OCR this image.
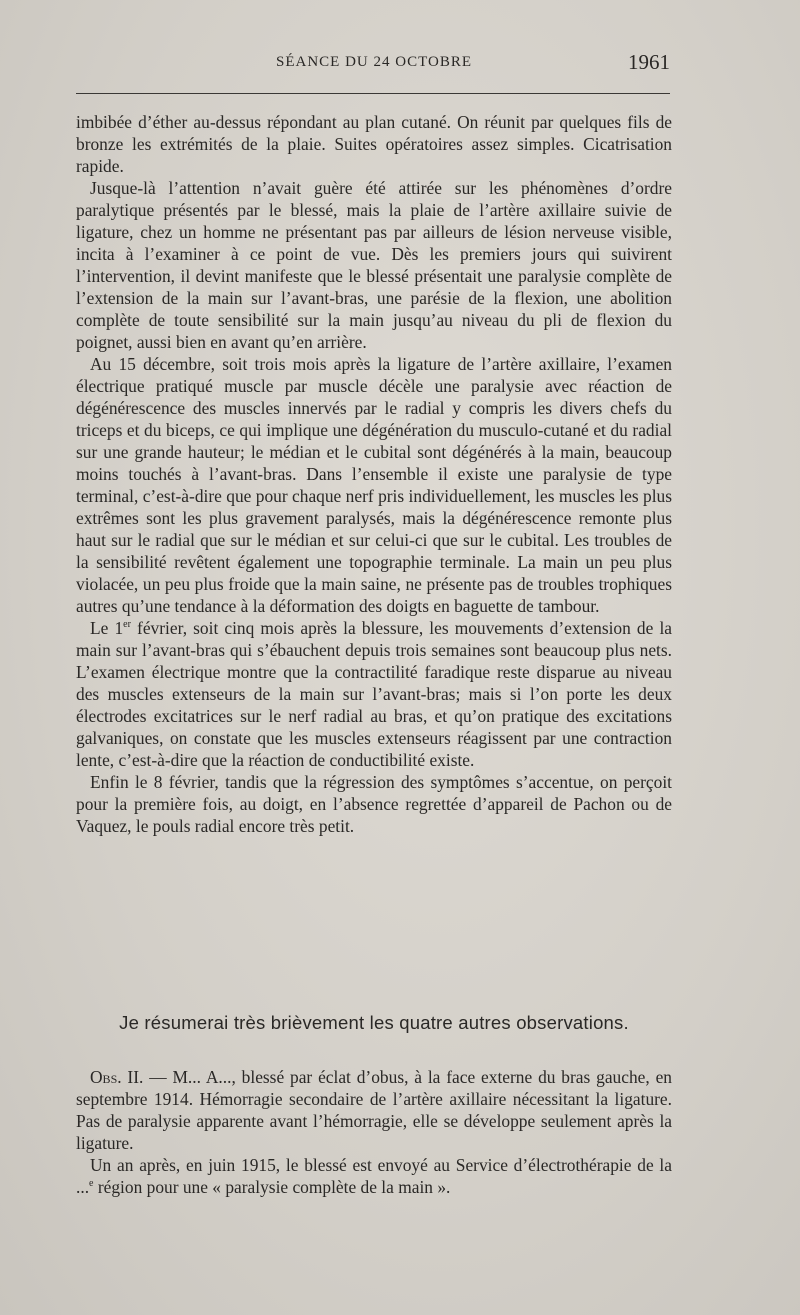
SÉANCE DU 24 OCTOBRE	1961

imbibée d’éther au-dessus répondant au plan cutané. On réunit par quelques fils de bronze les extrémités de la plaie. Suites opératoires assez simples. Cicatrisation rapide.

Jusque-là l’attention n’avait guère été attirée sur les phénomènes d’ordre paralytique présentés par le blessé, mais la plaie de l’artère axillaire suivie de ligature, chez un homme ne présentant pas par ailleurs de lésion nerveuse visible, incita à l’examiner à ce point de vue. Dès les premiers jours qui suivirent l’intervention, il devint manifeste que le blessé présentait une paralysie complète de l’extension de la main sur l’avant-bras, une parésie de la flexion, une abolition complète de toute sensibilité sur la main jusqu’au niveau du pli de flexion du poignet, aussi bien en avant qu’en arrière.

Au 15 décembre, soit trois mois après la ligature de l’artère axillaire, l’examen électrique pratiqué muscle par muscle décèle une paralysie avec réaction de dégénérescence des muscles innervés par le radial y compris les divers chefs du triceps et du biceps, ce qui implique une dégénération du musculo-cutané et du radial sur une grande hauteur; le médian et le cubital sont dégénérés à la main, beaucoup moins touchés à l’avant-bras. Dans l’ensemble il existe une paralysie de type terminal, c’est-à-dire que pour chaque nerf pris individuellement, les muscles les plus extrêmes sont les plus gravement paralysés, mais la dégénérescence remonte plus haut sur le radial que sur le médian et sur celui-ci que sur le cubital. Les troubles de la sensibilité revêtent également une topographie terminale. La main un peu plus violacée, un peu plus froide que la main saine, ne présente pas de troubles trophiques autres qu’une tendance à la déformation des doigts en baguette de tambour.

Le 1er février, soit cinq mois après la blessure, les mouvements d’extension de la main sur l’avant-bras qui s’ébauchent depuis trois semaines sont beaucoup plus nets. L’examen électrique montre que la contractilité faradique reste disparue au niveau des muscles extenseurs de la main sur l’avant-bras; mais si l’on porte les deux électrodes excitatrices sur le nerf radial au bras, et qu’on pratique des excitations galvaniques, on constate que les muscles extenseurs réagissent par une contraction lente, c’est-à-dire que la réaction de conductibilité existe.

Enfin le 8 février, tandis que la régression des symptômes s’accentue, on perçoit pour la première fois, au doigt, en l’absence regrettée d’appareil de Pachon ou de Vaquez, le pouls radial encore très petit.

Je résumerai très brièvement les quatre autres observations.

Obs. II. — M... A..., blessé par éclat d’obus, à la face externe du bras gauche, en septembre 1914. Hémorragie secondaire de l’artère axillaire nécessitant la ligature. Pas de paralysie apparente avant l’hémorragie, elle se développe seulement après la ligature.

Un an après, en juin 1915, le blessé est envoyé au Service d’électrothérapie de la ...$^e$ région pour une « paralysie complète de la main ».
